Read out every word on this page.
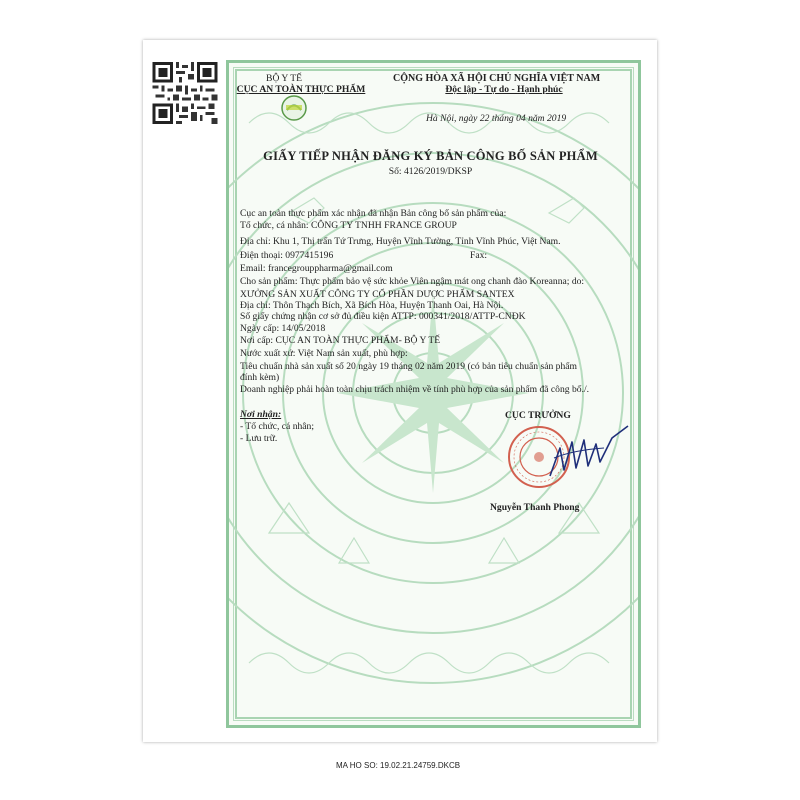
BỘ Y TẾ
CỤC AN TOÀN THỰC PHẨM
CỘNG HÒA XÃ HỘI CHỦ NGHĨA VIỆT NAM
Độc lập - Tự do - Hạnh phúc
Hà Nội, ngày 22 tháng 04 năm 2019
GIẤY TIẾP NHẬN ĐĂNG KÝ BẢN CÔNG BỐ SẢN PHẨM
Số: 4126/2019/DKSP
Cục an toàn thực phẩm xác nhận đã nhận Bản công bố sản phẩm của:
Tổ chức, cá nhân: CÔNG TY TNHH FRANCE GROUP
Địa chỉ: Khu 1, Thị trấn Tứ Trưng, Huyện Vĩnh Tường, Tỉnh Vĩnh Phúc, Việt Nam.
Điện thoại: 0977415196	Fax:
Email: francegrouppharma@gmail.com
Cho sản phẩm: Thực phẩm bảo vệ sức khỏe Viên ngậm mát ong chanh đào Koreanna; do:
XƯỞNG SẢN XUẤT CÔNG TY CỔ PHẦN DƯỢC PHẨM SANTEX
Địa chỉ: Thôn Thạch Bích, Xã Bích Hòa, Huyện Thanh Oai, Hà Nội.
Số giấy chứng nhận cơ sở đủ điều kiện ATTP: 000341/2018/ATTP-CNĐK
Ngày cấp: 14/05/2018
Nơi cấp: CỤC AN TOÀN THỰC PHẨM- BỘ Y TẾ
Nước xuất xứ: Việt Nam sản xuất, phù hợp:
Tiêu chuẩn nhà sản xuất số 20 ngày 19 tháng 02 năm 2019 (có bản tiêu chuẩn sản phẩm
đính kèm)
Doanh nghiệp phải hoàn toàn chịu trách nhiệm về tính phù hợp của sản phẩm đã công bố./.
Nơi nhận:
- Tổ chức, cá nhân;
- Lưu trữ.
CỤC TRƯỞNG
Nguyễn Thanh Phong
MA HO SO: 19.02.21.24759.DKCB
